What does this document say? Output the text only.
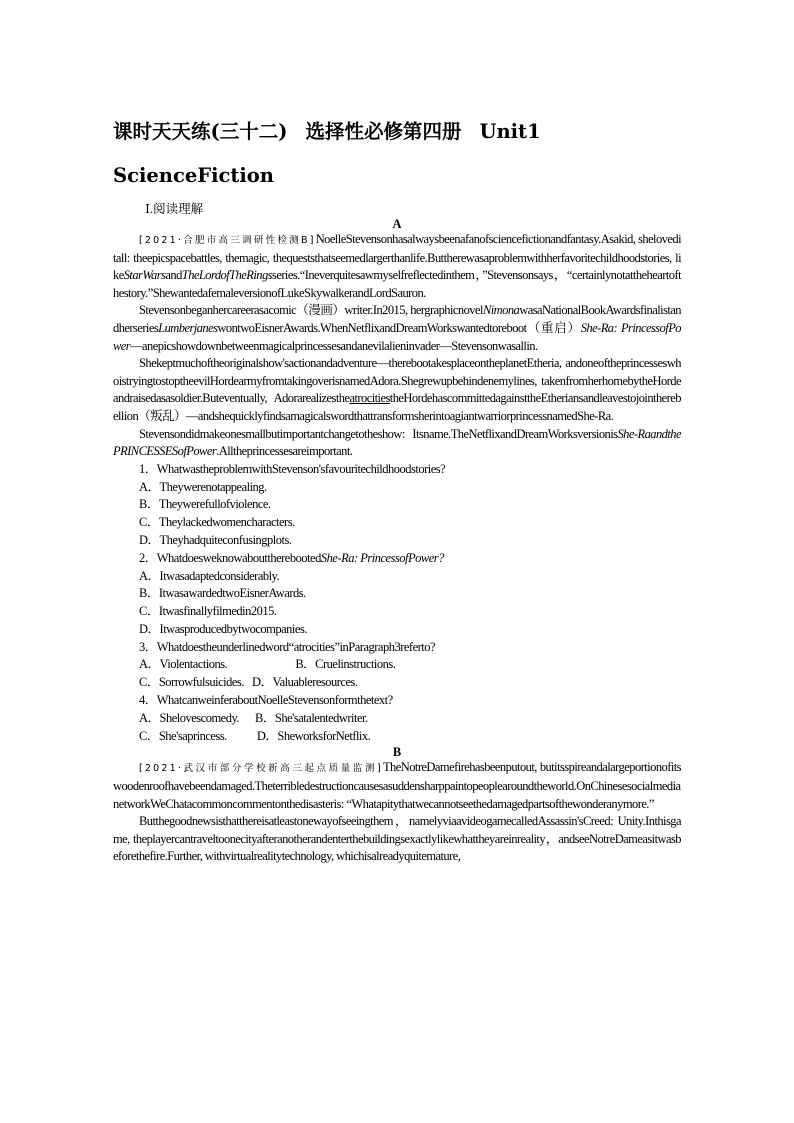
课时天天练(三十二) 选择性必修第四册 Unit1
ScienceFiction
Ⅰ.阅读理解
A

[2021·合肥市高三调研性检测B]NoelleStevensonhasalwaysbeenafanofsciencefictionandfantasy.Asakid, sheloveditall: theepicspacebattles, themagic, thequeststhatseemedlargerthanlife.Buttherewasaproblemwithherfavoritechildhoodstories, likeStarWarsandTheLordofTheRingsseries.“Ineverquitesawmyselfreflectedinthem，”Stevensonsays，“certainlynotattheheartofthestory.”ShewantedafemaleversionofLukeSkywalkerandLordSauron.

Stevensonbeganhercareerasacomic（漫画）writer.In2015, hergraphicnovelNimonawasaNationalBookAwardsfinalistandherseriesLumberjaneswontwoEisnerAwards.WhenNetflixandDreamWorkswantedtoreboot（重启）She-Ra: PrincessofPower—anepicshowdownbetweenmagicalprincessesandanevilalieninvader—Stevensonwasallin.

Shekeptmuchoftheoriginalshow'sactionandadventure—therebootakesplaceontheplanetEtheria, andoneoftheprincesseswhoistryingtostoptheevilHordearmyfromtakingoverisnamedAdora.Shegrewupbehindenemylines, takenfromherhomebytheHordeandraisedasasoldier.Buteventually, AdorarealizestheatrocitiestheHordehascommittedagainsttheEtheriansandleavestojointherebellion（叛乱）—andshequicklyfindsamagicalswordthattransformsherintoagiantwarriorprincessnamedShe-Ra.

Stevensondidmakeonesmallbutimportantchangetotheshow: Itsname.TheNetflixandDreamWorksversionisShe-RaandthePRINCESSESofPower.Alltheprincessesareimportant.

1．WhatwastheproblemwithStevenson'sfavouritechildhoodstories?
A．Theywerenotappealing.
B．Theywerefullofviolence.
C．Theylackedwomencharacters.
D．Theyhadquiteconfusingplots.
2．WhatdoesweknowabouttherebootedShe-Ra: PrincessofPower?
A．Itwasadaptedconsiderably.
B．ItwasawardedtwoEisnerAwards.
C．Itwasfinallyfilmedin2015.
D．Itwasproducedbytwocompanies.
3．Whatdoestheunderlinedword“atrocities”inParagraph3referto?
A．Violentactions.	B．Cruelinstructions.
C．Sorrowfulsuicides. D．Valuableresources.
4．WhatcanweinferaboutNoelleStevensonformthetext?
A．Shelovescomedy. B．She'satalentedwriter.
C．She'saprincess. D．SheworksforNetflix.
B

[2021·武汉市部分学校新高三起点质量监测]TheNotreDamefirehasbeenputout, butitsspireandalargeportionofitswoodenroofhavebeendamaged.Theterribledestructioncausesasuddensharppaintopeoplearoundtheworld.OnChinesesocialmedianetworkWeChatacommoncommentonthedisasteris: “Whatapitythatwecannotseethedamagedpartsofthewonderanymore.”

Butthegoodnewsisthatthereisatleastonewayofseeingthem，namelyviaavideogamecalledAssassin'sCreed: Unity.Inthisgame, theplayercantraveltoonecityafteranotherandenterthebuildingsexactlylikewhattheyareinreality，andseeNotreDameasitwasbeforethefire.Further, withvirtualrealitytechnology, whichisalreadyquitemature,
